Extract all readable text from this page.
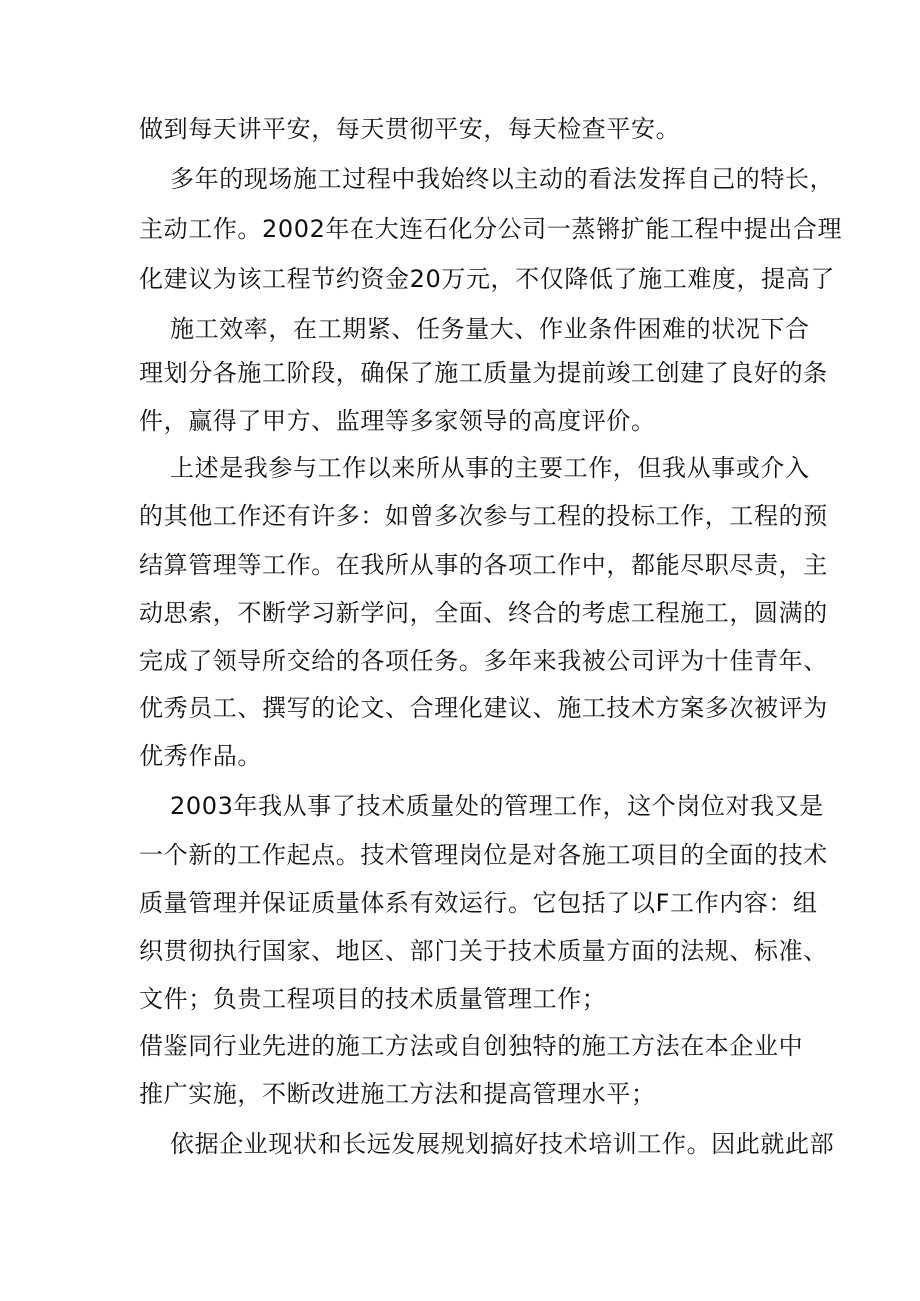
做到每天讲平安，每天贯彻平安，每天检查平安。
多年的现场施工过程中我始终以主动的看法发挥自己的特长，
主动工作。2002年在大连石化分公司一蒸锵扩能工程中提出合理
化建议为该工程节约资金20万元，不仅降低了施工难度，提高了
施工效率，在工期紧、任务量大、作业条件困难的状况下合
理划分各施工阶段，确保了施工质量为提前竣工创建了良好的条
件，赢得了甲方、监理等多家领导的高度评价。
上述是我参与工作以来所从事的主要工作，但我从事或介入
的其他工作还有许多：如曾多次参与工程的投标工作，工程的预
结算管理等工作。在我所从事的各项工作中，都能尽职尽责，主
动思索，不断学习新学问，全面、终合的考虑工程施工，圆满的
完成了领导所交给的各项任务。多年来我被公司评为十佳青年、
优秀员工、撰写的论文、合理化建议、施工技术方案多次被评为
优秀作品。
2003年我从事了技术质量处的管理工作，这个岗位对我又是
一个新的工作起点。技术管理岗位是对各施工项目的全面的技术
质量管理并保证质量体系有效运行。它包括了以F工作内容：组
织贯彻执行国家、地区、部门关于技术质量方面的法规、标准、
文件；负贵工程项目的技术质量管理工作；
借鉴同行业先进的施工方法或自创独特的施工方法在本企业中
推广实施，不断改进施工方法和提高管理水平；
依据企业现状和长远发展规划搞好技术培训工作。因此就此部
